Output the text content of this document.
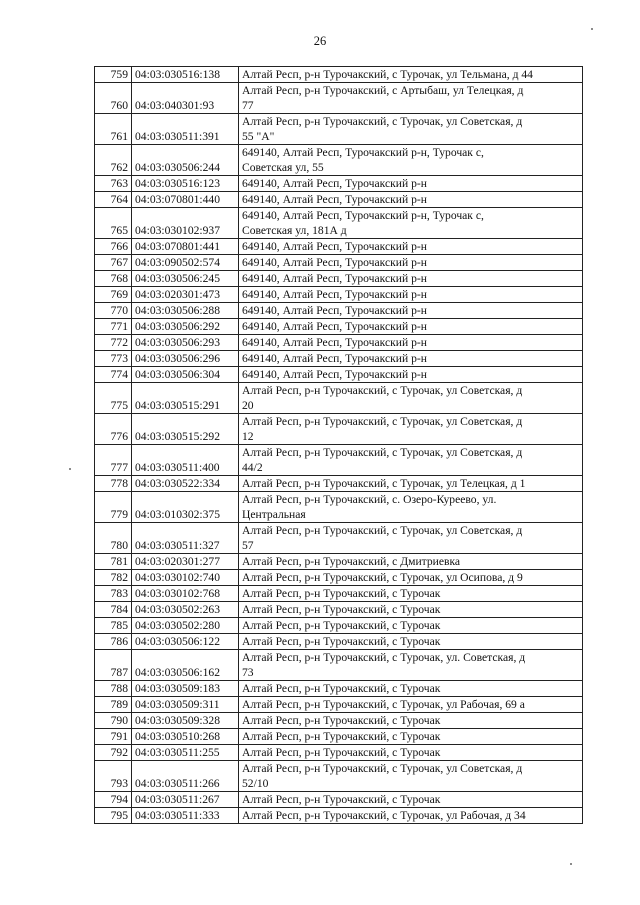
26
759	04:03:030516:138	Алтай Респ, р-н Турочакский, с Турочак, ул Тельмана, д 44
760	04:03:040301:93	Алтай Респ, р-н Турочакский, с Артыбаш, ул Телецкая, д
77
761	04:03:030511:391	Алтай Респ, р-н Турочакский, с Турочак, ул Советская, д
55 "А"
762	04:03:030506:244	649140, Алтай Респ, Турочакский р-н, Турочак с,
Советская ул, 55
763	04:03:030516:123	649140, Алтай Респ, Турочакский р-н
764	04:03:070801:440	649140, Алтай Респ, Турочакский р-н
765	04:03:030102:937	649140, Алтай Респ, Турочакский р-н, Турочак с,
Советская ул, 181А д
766	04:03:070801:441	649140, Алтай Респ, Турочакский р-н
767	04:03:090502:574	649140, Алтай Респ, Турочакский р-н
768	04:03:030506:245	649140, Алтай Респ, Турочакский р-н
769	04:03:020301:473	649140, Алтай Респ, Турочакский р-н
770	04:03:030506:288	649140, Алтай Респ, Турочакский р-н
771	04:03:030506:292	649140, Алтай Респ, Турочакский р-н
772	04:03:030506:293	649140, Алтай Респ, Турочакский р-н
773	04:03:030506:296	649140, Алтай Респ, Турочакский р-н
774	04:03:030506:304	649140, Алтай Респ, Турочакский р-н
775	04:03:030515:291	Алтай Респ, р-н Турочакский, с Турочак, ул Советская, д
20
776	04:03:030515:292	Алтай Респ, р-н Турочакский, с Турочак, ул Советская, д
12
777	04:03:030511:400	Алтай Респ, р-н Турочакский, с Турочак, ул Советская, д
44/2
778	04:03:030522:334	Алтай Респ, р-н Турочакский, с Турочак, ул Телецкая, д 1
779	04:03:010302:375	Алтай Респ, р-н Турочакский, с. Озеро-Куреево, ул.
Центральная
780	04:03:030511:327	Алтай Респ, р-н Турочакский, с Турочак, ул Советская, д
57
781	04:03:020301:277	Алтай Респ, р-н Турочакский, с Дмитриевка
782	04:03:030102:740	Алтай Респ, р-н Турочакский, с Турочак, ул Осипова, д 9
783	04:03:030102:768	Алтай Респ, р-н Турочакский, с Турочак
784	04:03:030502:263	Алтай Респ, р-н Турочакский, с Турочак
785	04:03:030502:280	Алтай Респ, р-н Турочакский, с Турочак
786	04:03:030506:122	Алтай Респ, р-н Турочакский, с Турочак
787	04:03:030506:162	Алтай Респ, р-н Турочакский, с Турочак, ул. Советская, д
73
788	04:03:030509:183	Алтай Респ, р-н Турочакский, с Турочак
789	04:03:030509:311	Алтай Респ, р-н Турочакский, с Турочак, ул Рабочая, 69 а
790	04:03:030509:328	Алтай Респ, р-н Турочакский, с Турочак
791	04:03:030510:268	Алтай Респ, р-н Турочакский, с Турочак
792	04:03:030511:255	Алтай Респ, р-н Турочакский, с Турочак
793	04:03:030511:266	Алтай Респ, р-н Турочакский, с Турочак, ул Советская, д
52/10
794	04:03:030511:267	Алтай Респ, р-н Турочакский, с Турочак
795	04:03:030511:333	Алтай Респ, р-н Турочакский, с Турочак, ул Рабочая, д 34
